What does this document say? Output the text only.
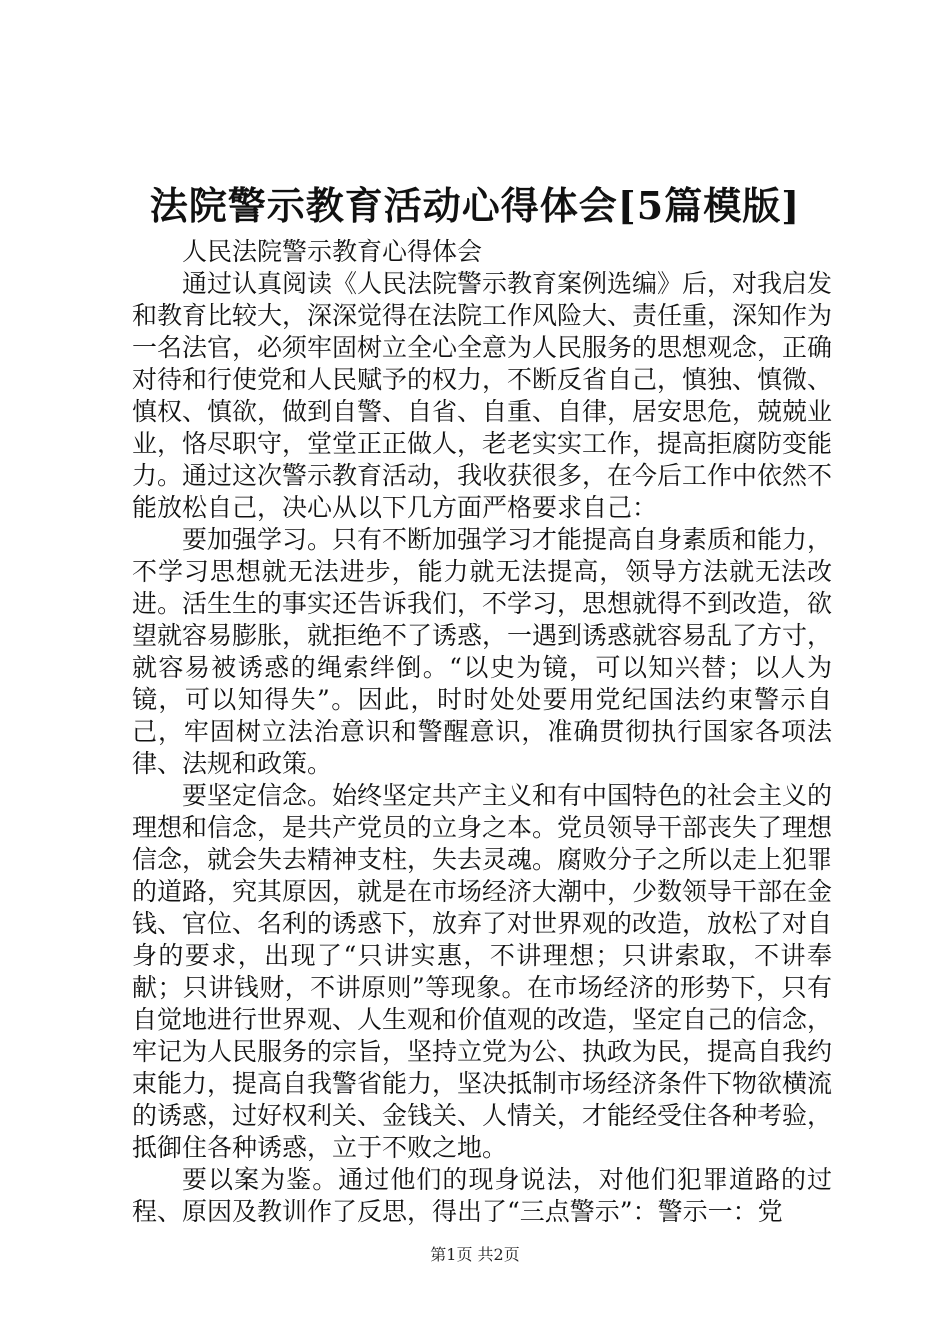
法院警示教育活动心得体会[5篇模版]

人民法院警示教育心得体会

通过认真阅读《人民法院警示教育案例选编》后，对我启发和教育比较大，深深觉得在法院工作风险大、责任重，深知作为一名法官，必须牢固树立全心全意为人民服务的思想观念，正确对待和行使党和人民赋予的权力，不断反省自己，慎独、慎微、慎权、慎欲，做到自警、自省、自重、自律，居安思危，兢兢业业，恪尽职守，堂堂正正做人，老老实实工作，提高拒腐防变能力。通过这次警示教育活动，我收获很多，在今后工作中依然不能放松自己，决心从以下几方面严格要求自己：

要加强学习。只有不断加强学习才能提高自身素质和能力，不学习思想就无法进步，能力就无法提高，领导方法就无法改进。活生生的事实还告诉我们，不学习，思想就得不到改造，欲望就容易膨胀，就拒绝不了诱惑，一遇到诱惑就容易乱了方寸，就容易被诱惑的绳索绊倒。“以史为镜，可以知兴替；以人为镜，可以知得失”。因此，时时处处要用党纪国法约束警示自己，牢固树立法治意识和警醒意识，准确贯彻执行国家各项法律、法规和政策。

要坚定信念。始终坚定共产主义和有中国特色的社会主义的理想和信念，是共产党员的立身之本。党员领导干部丧失了理想信念，就会失去精神支柱，失去灵魂。腐败分子之所以走上犯罪的道路，究其原因，就是在市场经济大潮中，少数领导干部在金钱、官位、名利的诱惑下，放弃了对世界观的改造，放松了对自身的要求，出现了“只讲实惠，不讲理想；只讲索取，不讲奉献；只讲钱财，不讲原则”等现象。在市场经济的形势下，只有自觉地进行世界观、人生观和价值观的改造，坚定自己的信念，牢记为人民服务的宗旨，坚持立党为公、执政为民，提高自我约束能力，提高自我警省能力，坚决抵制市场经济条件下物欲横流的诱惑，过好权利关、金钱关、人情关，才能经受住各种考验，抵御住各种诱惑，立于不败之地。

要以案为鉴。通过他们的现身说法，对他们犯罪道路的过程、原因及教训作了反思，得出了“三点警示”：警示一：党

第1页 共2页
